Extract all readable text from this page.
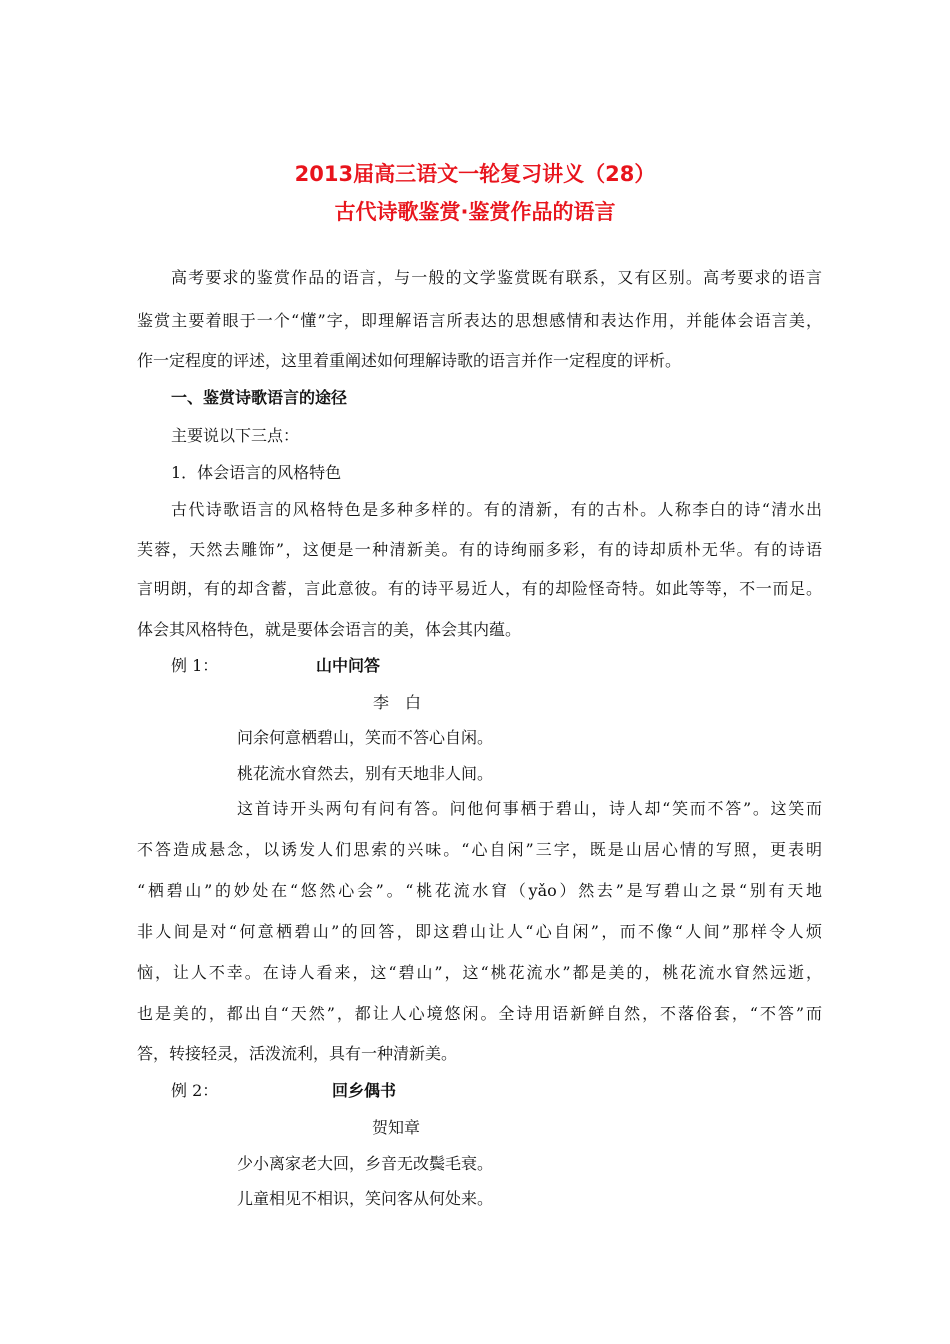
2013届高三语文一轮复习讲义（28）
古代诗歌鉴赏·鉴赏作品的语言
高考要求的鉴赏作品的语言，与一般的文学鉴赏既有联系，又有区别。高考要求的语言
鉴赏主要着眼于一个“懂”字，即理解语言所表达的思想感情和表达作用，并能体会语言美，
作一定程度的评述，这里着重阐述如何理解诗歌的语言并作一定程度的评析。
一、鉴赏诗歌语言的途径
主要说以下三点：
1．体会语言的风格特色
古代诗歌语言的风格特色是多种多样的。有的清新，有的古朴。人称李白的诗“清水出
芙蓉，天然去雕饰”，这便是一种清新美。有的诗绚丽多彩，有的诗却质朴无华。有的诗语
言明朗，有的却含蓄，言此意彼。有的诗平易近人，有的却险怪奇特。如此等等，不一而足。
体会其风格特色，就是要体会语言的美，体会其内蕴。
例 1：	山中问答
李　白
问余何意栖碧山，笑而不答心自闲。
桃花流水窅然去，别有天地非人间。
这首诗开头两句有问有答。问他何事栖于碧山，诗人却“笑而不答”。这笑而
不答造成悬念，以诱发人们思索的兴味。“心自闲”三字，既是山居心情的写照，更表明
“栖碧山”的妙处在“悠然心会”。“桃花流水窅（yǎo）然去”是写碧山之景“别有天地
非人间是对“何意栖碧山”的回答，即这碧山让人“心自闲”，而不像“人间”那样令人烦
恼，让人不幸。在诗人看来，这“碧山”，这“桃花流水”都是美的，桃花流水窅然远逝，
也是美的，都出自“天然”，都让人心境悠闲。全诗用语新鲜自然，不落俗套，“不答”而
答，转接轻灵，活泼流利，具有一种清新美。
例 2：	回乡偶书
贺知章
少小离家老大回，乡音无改鬓毛衰。
儿童相见不相识，笑问客从何处来。
